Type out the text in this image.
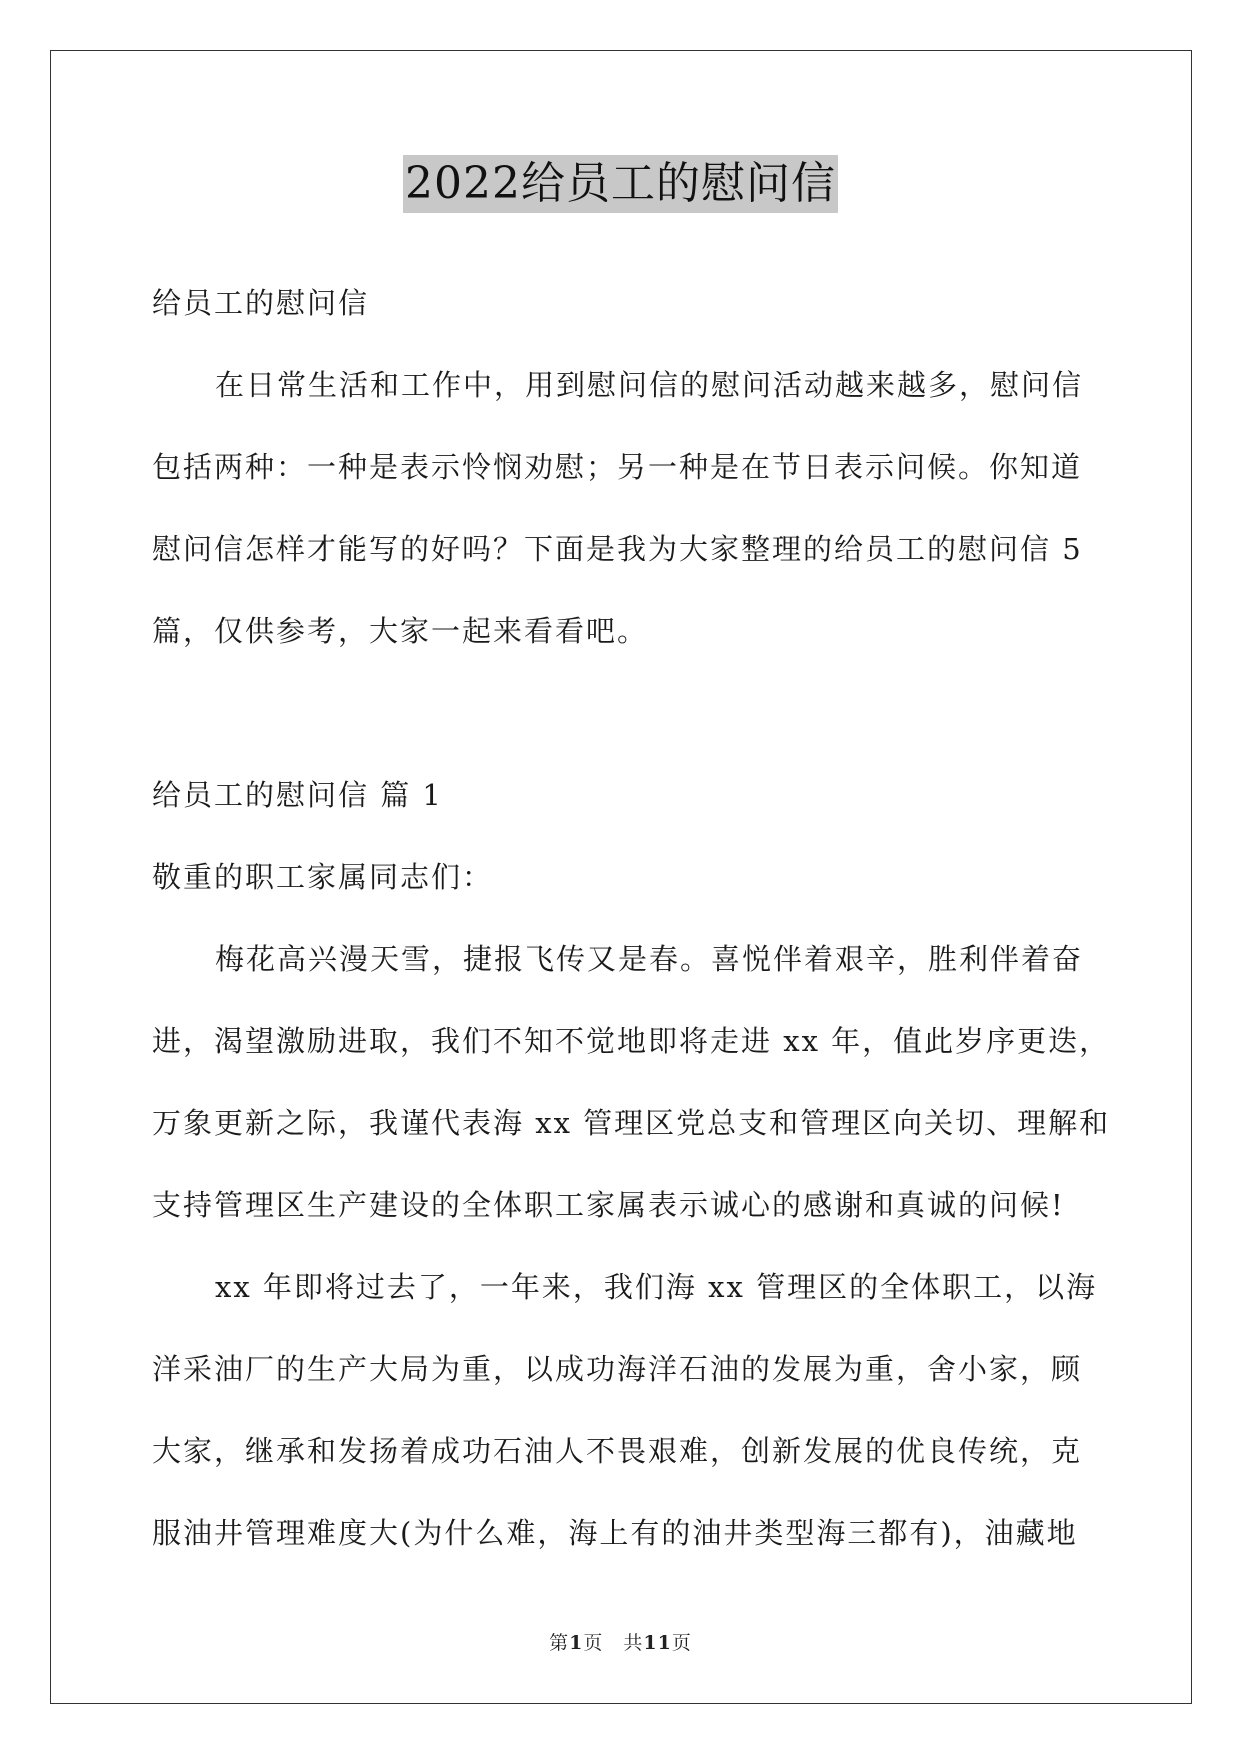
2022给员工的慰问信
给员工的慰问信
在日常生活和工作中，用到慰问信的慰问活动越来越多，慰问信
包括两种：一种是表示怜悯劝慰；另一种是在节日表示问候。你知道
慰问信怎样才能写的好吗？下面是我为大家整理的给员工的慰问信 5
篇，仅供参考，大家一起来看看吧。
给员工的慰问信 篇 1
敬重的职工家属同志们：
梅花高兴漫天雪，捷报飞传又是春。喜悦伴着艰辛，胜利伴着奋
进，渴望激励进取，我们不知不觉地即将走进 xx 年，值此岁序更迭，
万象更新之际，我谨代表海 xx 管理区党总支和管理区向关切、理解和
支持管理区生产建设的全体职工家属表示诚心的感谢和真诚的问候!
xx 年即将过去了，一年来，我们海 xx 管理区的全体职工，以海
洋采油厂的生产大局为重，以成功海洋石油的发展为重，舍小家，顾
大家，继承和发扬着成功石油人不畏艰难，创新发展的优良传统，克
服油井管理难度大(为什么难，海上有的油井类型海三都有)，油藏地
第1页　共11页
